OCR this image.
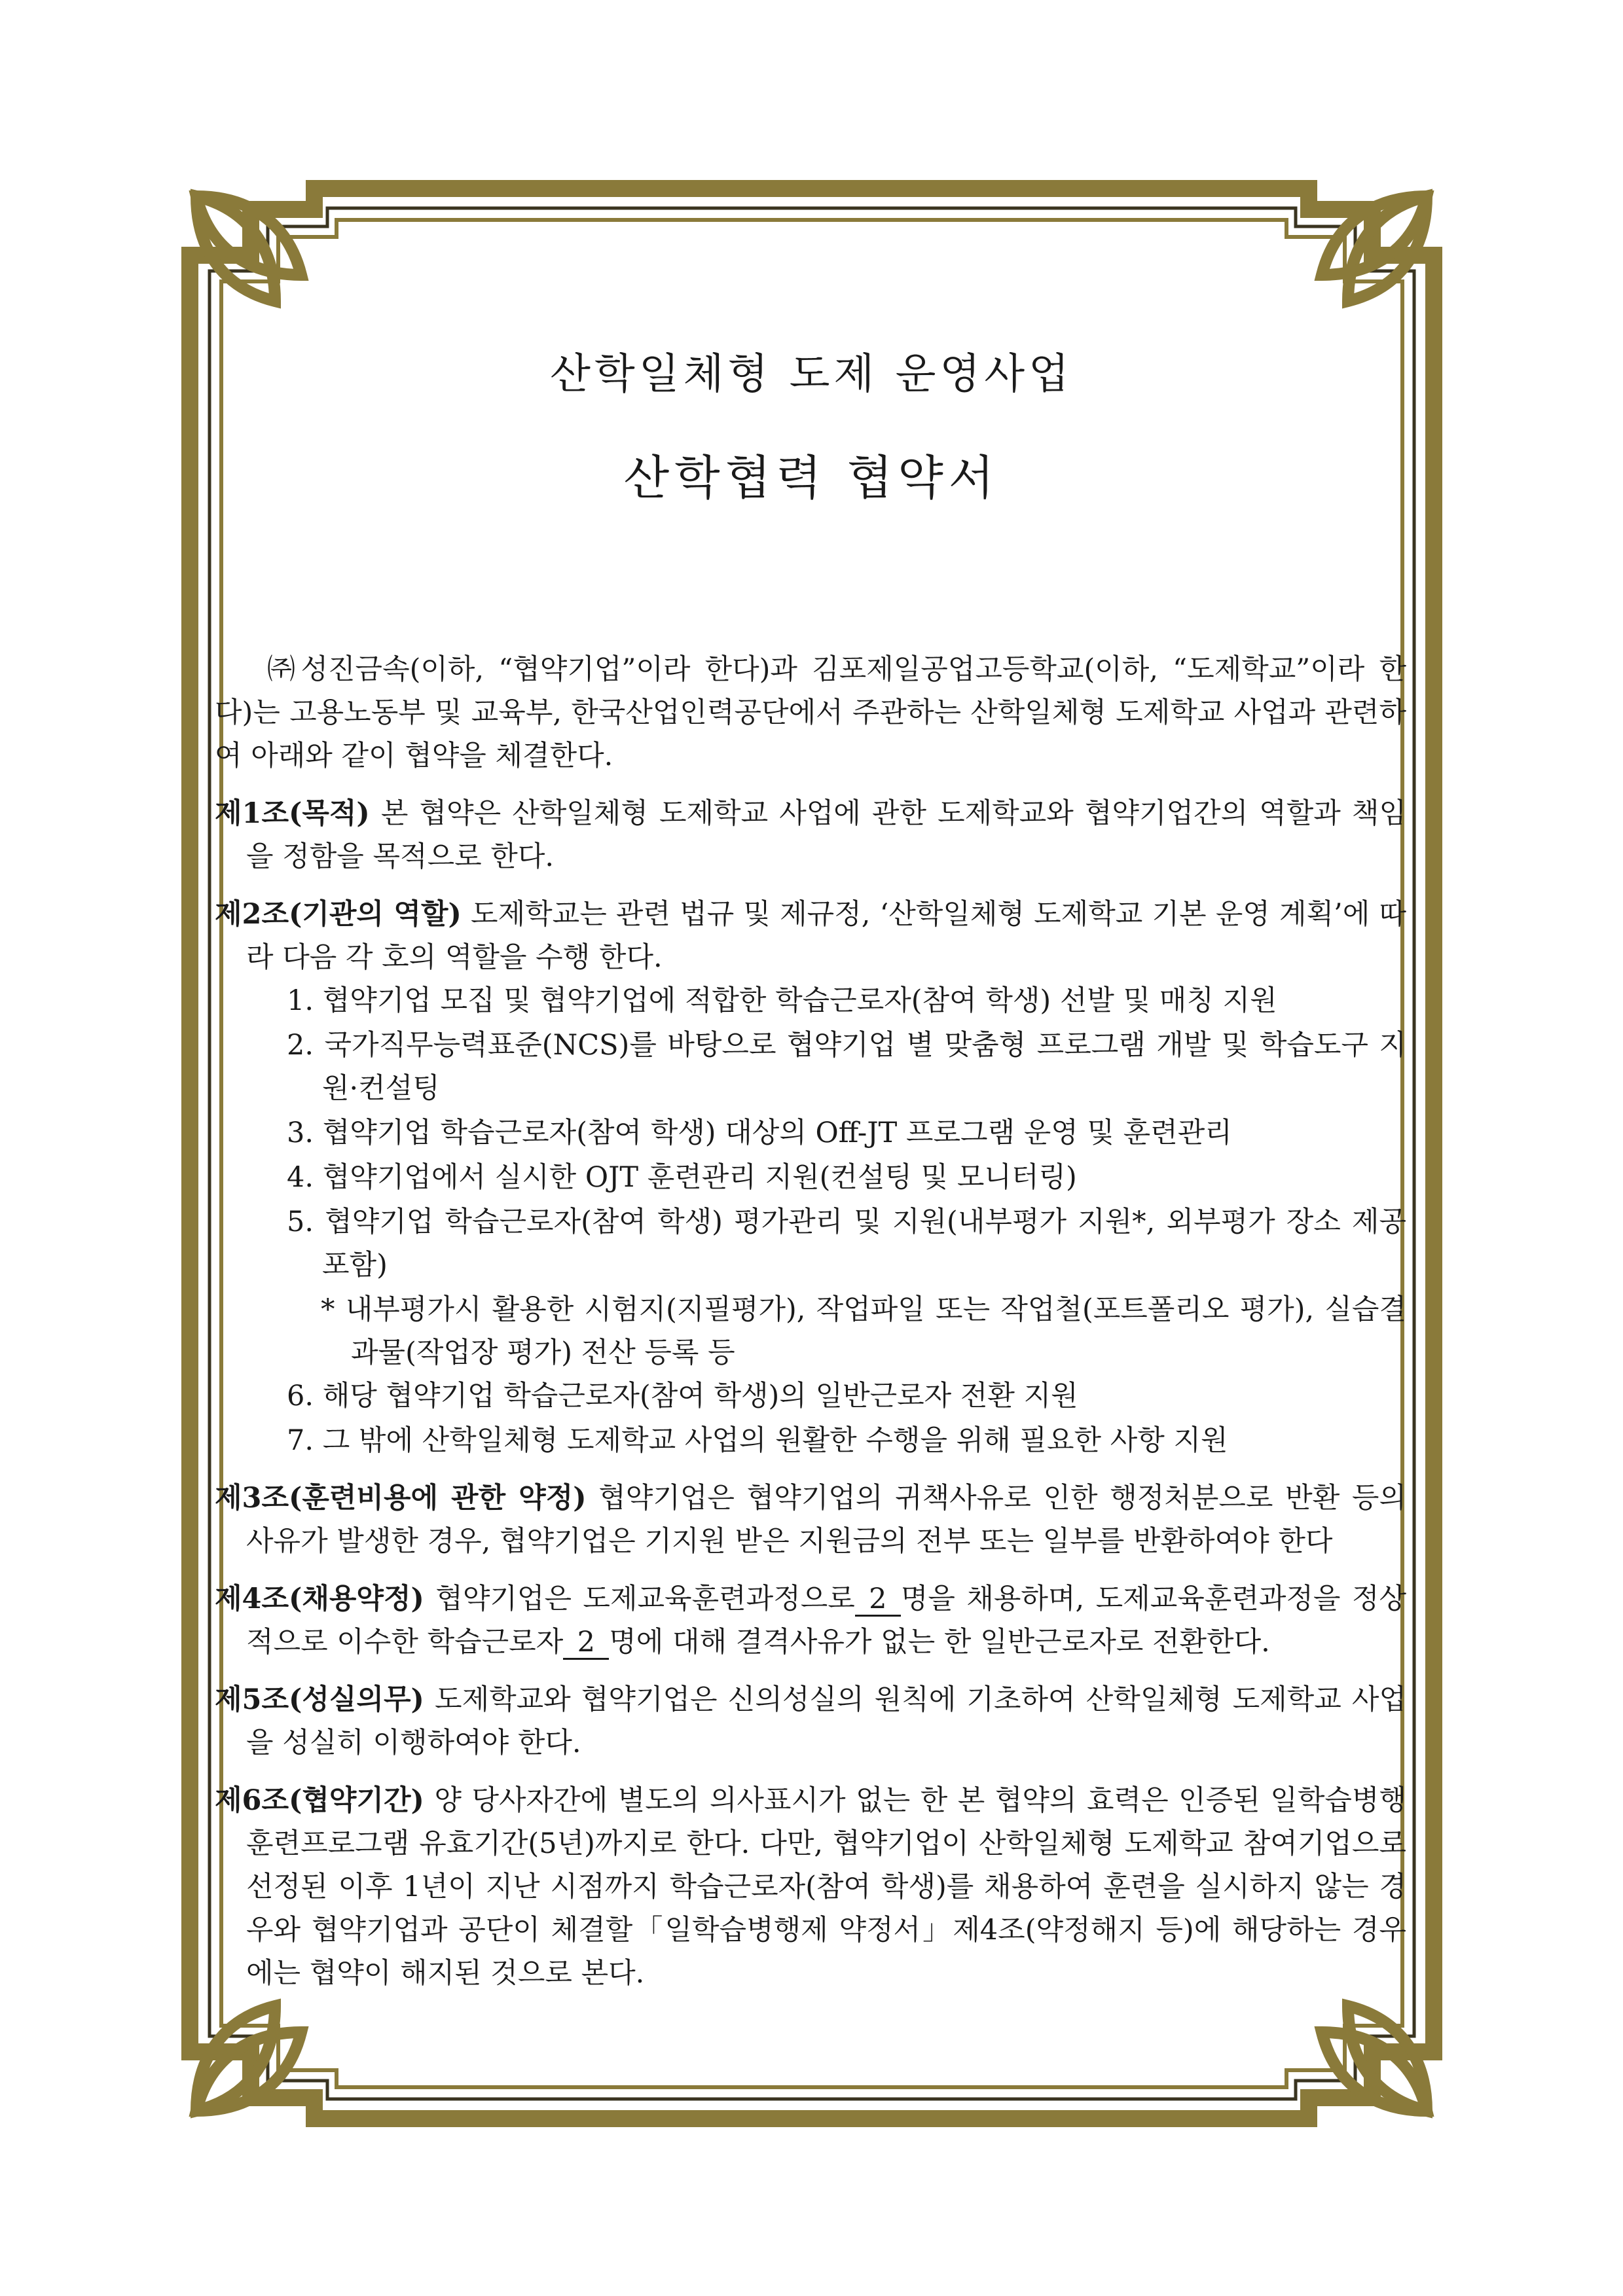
산학일체형 도제 운영사업
산학협력 협약서

㈜성진금속(이하, “협약기업”이라 한다)과 김포제일공업고등학교(이하, “도제학교”이라 한다)는 고용노동부 및 교육부, 한국산업인력공단에서 주관하는 산학일체형 도제학교 사업과 관련하여 아래와 같이 협약을 체결한다.

제1조(목적) 본 협약은 산학일체형 도제학교 사업에 관한 도제학교와 협약기업간의 역할과 책임을 정함을 목적으로 한다.

제2조(기관의 역할) 도제학교는 관련 법규 및 제규정, ‘산학일체형 도제학교 기본 운영 계획’에 따라 다음 각 호의 역할을 수행 한다.
1. 협약기업 모집 및 협약기업에 적합한 학습근로자(참여 학생) 선발 및 매칭 지원
2. 국가직무능력표준(NCS)를 바탕으로 협약기업 별 맞춤형 프로그램 개발 및 학습도구 지원·컨설팅
3. 협약기업 학습근로자(참여 학생) 대상의 Off-JT 프로그램 운영 및 훈련관리
4. 협약기업에서 실시한 OJT 훈련관리 지원(컨설팅 및 모니터링)
5. 협약기업 학습근로자(참여 학생) 평가관리 및 지원(내부평가 지원*, 외부평가 장소 제공 포함)
* 내부평가시 활용한 시험지(지필평가), 작업파일 또는 작업철(포트폴리오 평가), 실습결과물(작업장 평가) 전산 등록 등
6. 해당 협약기업 학습근로자(참여 학생)의 일반근로자 전환 지원
7. 그 밖에 산학일체형 도제학교 사업의 원활한 수행을 위해 필요한 사항 지원

제3조(훈련비용에 관한 약정) 협약기업은 협약기업의 귀책사유로 인한 행정처분으로 반환 등의 사유가 발생한 경우, 협약기업은 기지원 받은 지원금의 전부 또는 일부를 반환하여야 한다

제4조(채용약정) 협약기업은 도제교육훈련과정으로 2 명을 채용하며, 도제교육훈련과정을 정상적으로 이수한 학습근로자 2 명에 대해 결격사유가 없는 한 일반근로자로 전환한다.

제5조(성실의무) 도제학교와 협약기업은 신의성실의 원칙에 기초하여 산학일체형 도제학교 사업을 성실히 이행하여야 한다.

제6조(협약기간) 양 당사자간에 별도의 의사표시가 없는 한 본 협약의 효력은 인증된 일학습병행 훈련프로그램 유효기간(5년)까지로 한다. 다만, 협약기업이 산학일체형 도제학교 참여기업으로 선정된 이후 1년이 지난 시점까지 학습근로자(참여 학생)를 채용하여 훈련을 실시하지 않는 경우와 협약기업과 공단이 체결할「일학습병행제 약정서」제4조(약정해지 등)에 해당하는 경우에는 협약이 해지된 것으로 본다.
